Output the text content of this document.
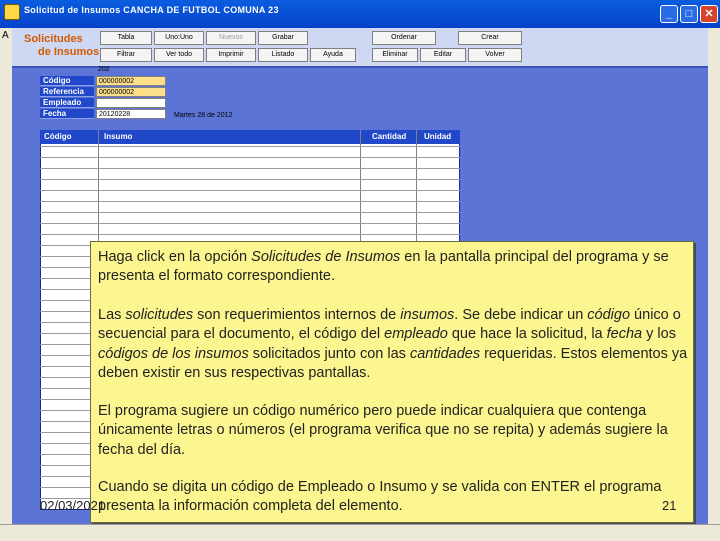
Solicitud de Insumos CANCHA DE FUTBOL COMUNA 23	_	□	✕
A Solicitudes
de Insumos
Tabla	Uno:Uno	Nuevos	Grabar	Ordenar	Crear
Filtrar	Ver todo	Imprimir	Listado	Ayuda	Eliminar	Editar	Volver
202
Código	000000002
Referencia	000000002
Empleado
Fecha	20120228	Martes 28 de 2012
Código	Insumo	Cantidad Unidad

Haga click en la opción Solicitudes de Insumos en la pantalla principal del programa y se presenta el formato correspondiente.

Las solicitudes son requerimientos internos de insumos. Se debe indicar un código único o secuencial para el documento, el código del empleado que hace la solicitud, la fecha y los códigos de los insumos solicitados junto con las cantidades requeridas. Estos elementos ya deben existir en sus respectivas pantallas.

El programa sugiere un código numérico pero puede indicar cualquiera que contenga únicamente letras o números (el programa verifica que no se repita) y además sugiere la fecha del día.

Cuando se digita un código de Empleado o Insumo y se valida con ENTER el programa presenta la información completa del elemento.

02/03/2021	21
